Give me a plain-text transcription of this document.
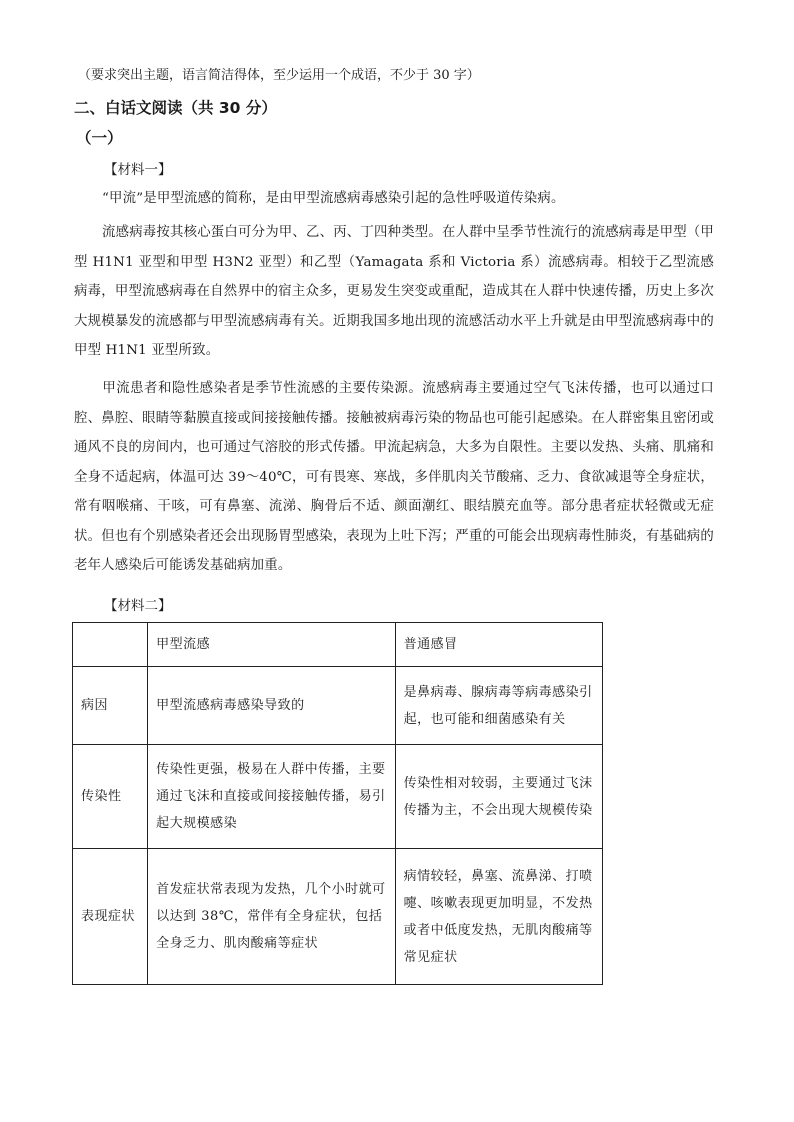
（要求突出主题，语言简洁得体，至少运用一个成语，不少于 30 字）
二、白话文阅读（共 30 分）
（一）
【材料一】
“甲流”是甲型流感的简称，是由甲型流感病毒感染引起的急性呼吸道传染病。
流感病毒按其核心蛋白可分为甲、乙、丙、丁四种类型。在人群中呈季节性流行的流感病毒是甲型（甲型 H1N1 亚型和甲型 H3N2 亚型）和乙型（Yamagata 系和 Victoria 系）流感病毒。相较于乙型流感病毒，甲型流感病毒在自然界中的宿主众多，更易发生突变或重配，造成其在人群中快速传播，历史上多次大规模暴发的流感都与甲型流感病毒有关。近期我国多地出现的流感活动水平上升就是由甲型流感病毒中的甲型 H1N1 亚型所致。
甲流患者和隐性感染者是季节性流感的主要传染源。流感病毒主要通过空气飞沫传播，也可以通过口腔、鼻腔、眼睛等黏膜直接或间接接触传播。接触被病毒污染的物品也可能引起感染。在人群密集且密闭或通风不良的房间内，也可通过气溶胶的形式传播。甲流起病急，大多为自限性。主要以发热、头痛、肌痛和全身不适起病，体温可达 39～40℃，可有畏寒、寒战，多伴肌肉关节酸痛、乏力、食欲减退等全身症状，常有咽喉痛、干咳，可有鼻塞、流涕、胸骨后不适、颜面潮红、眼结膜充血等。部分患者症状轻微或无症状。但也有个别感染者还会出现肠胃型感染，表现为上吐下泻；严重的可能会出现病毒性肺炎，有基础病的老年人感染后可能诱发基础病加重。
【材料二】
	甲型流感	普通感冒
病因	甲型流感病毒感染导致的	是鼻病毒、腺病毒等病毒感染引起，也可能和细菌感染有关
传染性	传染性更强，极易在人群中传播，主要通过飞沫和直接或间接接触传播，易引起大规模感染	传染性相对较弱，主要通过飞沫传播为主，不会出现大规模传染
表现症状	首发症状常表现为发热，几个小时就可以达到 38℃，常伴有全身症状，包括全身乏力、肌肉酸痛等症状	病情较轻，鼻塞、流鼻涕、打喷嚏、咳嗽表现更加明显，不发热或者中低度发热，无肌肉酸痛等常见症状
